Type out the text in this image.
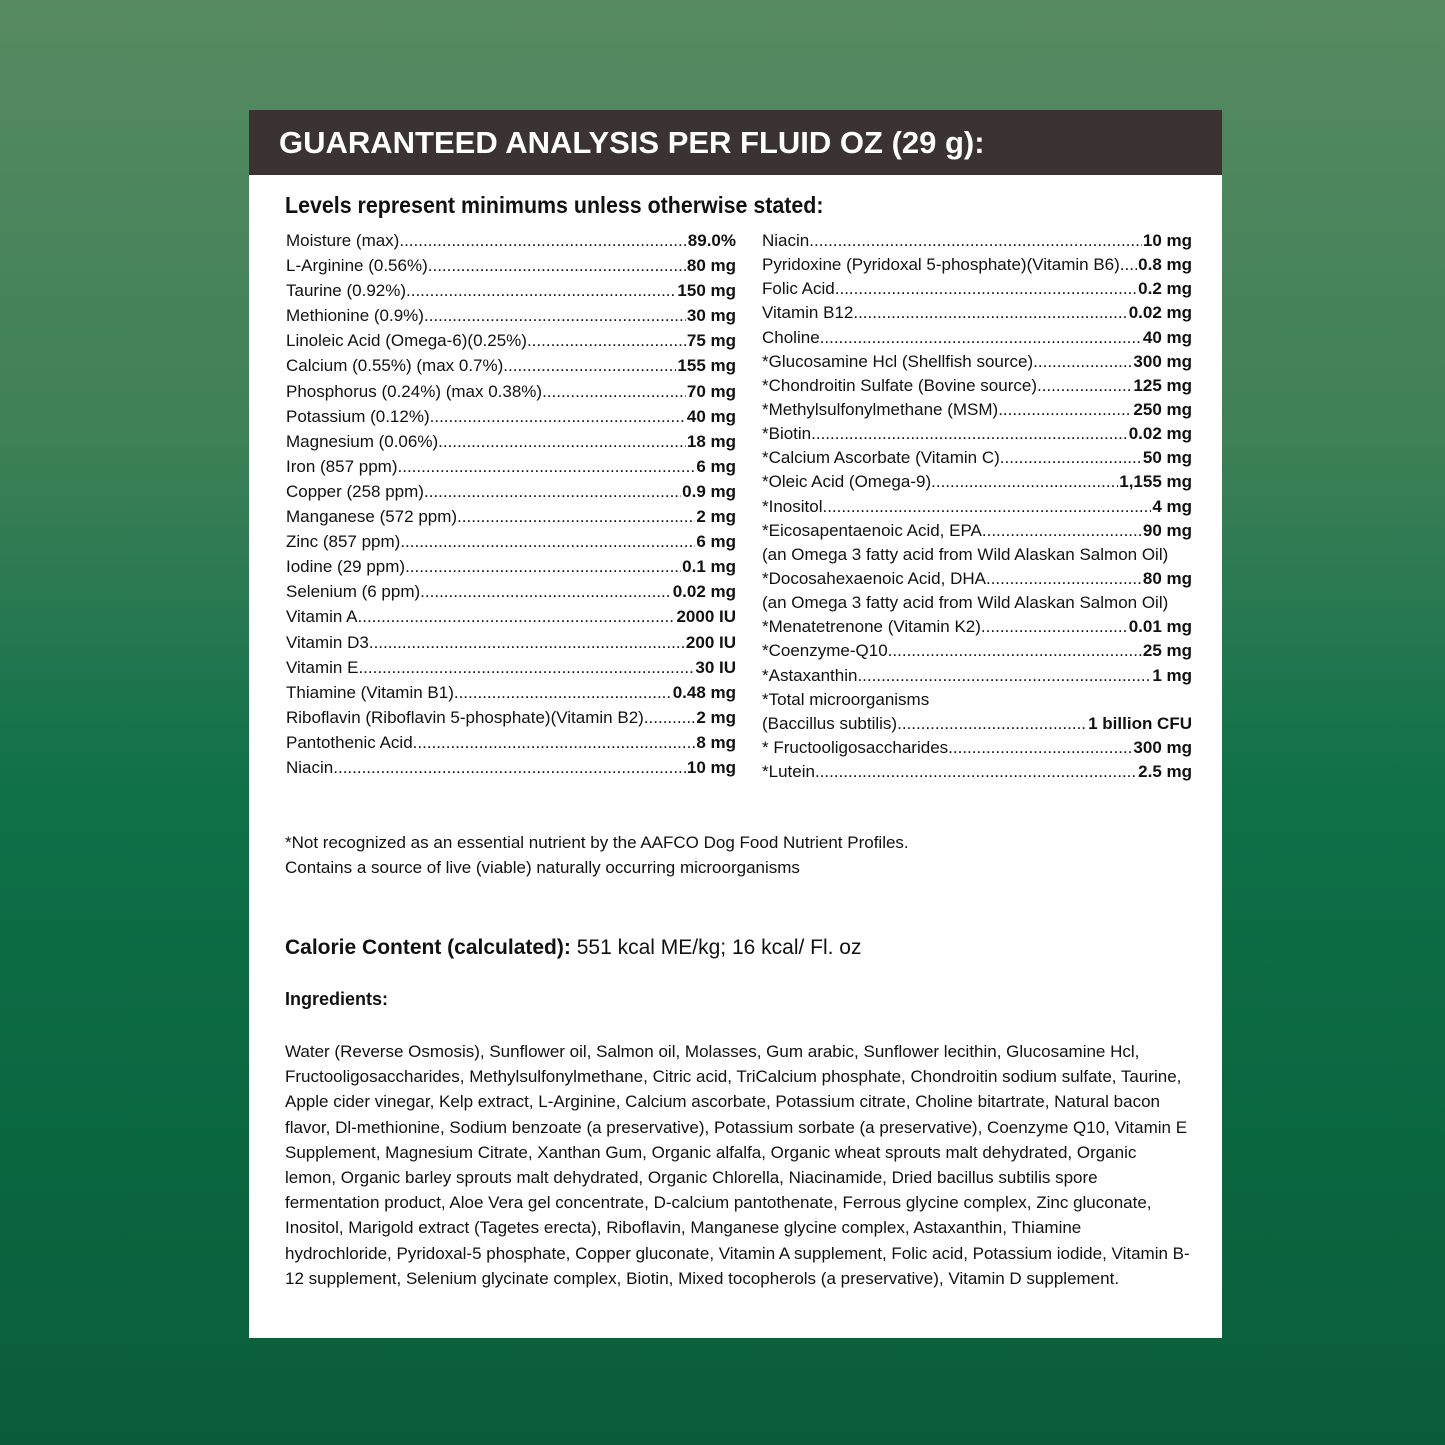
GUARANTEED ANALYSIS PER FLUID OZ (29 g):
Levels represent minimums unless otherwise stated:
Moisture (max) .....	89.0%
L-Arginine (0.56%) .....	80 mg
Taurine (0.92%) .....	150 mg
Methionine (0.9%) .....	30 mg
Linoleic Acid (Omega-6)(0.25%) .....	75 mg
Calcium (0.55%) (max 0.7%) .....	155 mg
Phosphorus (0.24%) (max 0.38%) .....	70 mg
Potassium (0.12%) .....	40 mg
Magnesium (0.06%) .....	18 mg
Iron (857 ppm) .....	6 mg
Copper (258 ppm) .....	0.9 mg
Manganese (572 ppm) .....	2 mg
Zinc (857 ppm) .....	6 mg
Iodine (29 ppm) .....	0.1 mg
Selenium (6 ppm) .....	0.02 mg
Vitamin A .....	2000 IU
Vitamin D3 .....	200 IU
Vitamin E .....	30 IU
Thiamine (Vitamin B1) .....	0.48 mg
Riboflavin (Riboflavin 5-phosphate)(Vitamin B2) .....	2 mg
Pantothenic Acid .....	8 mg
Niacin .....	10 mg
Niacin .....	10 mg
Pyridoxine (Pyridoxal 5-phosphate)(Vitamin B6) ..... 0.8 mg
Folic Acid .....	0.2 mg
Vitamin B12 .....	0.02 mg
Choline .....	40 mg
*Glucosamine Hcl (Shellfish source) .....	300 mg
*Chondroitin Sulfate (Bovine source) .....	125 mg
*Methylsulfonylmethane (MSM) .....	250 mg
*Biotin .....	0.02 mg
*Calcium Ascorbate (Vitamin C) .....	50 mg
*Oleic Acid (Omega-9) .....	1,155 mg
*Inositol .....	4 mg
*Eicosapentaenoic Acid, EPA .....	90 mg
(an Omega 3 fatty acid from Wild Alaskan Salmon Oil)
*Docosahexaenoic Acid, DHA .....	80 mg
(an Omega 3 fatty acid from Wild Alaskan Salmon Oil)
*Menatetrenone (Vitamin K2) .....	0.01 mg
*Coenzyme-Q10 .....	25 mg
*Astaxanthin .....	1 mg
*Total microorganisms
(Baccillus subtilis) .....	1 billion CFU
* Fructooligosaccharides .....	300 mg
*Lutein .....	2.5 mg
*Not recognized as an essential nutrient by the AAFCO Dog Food Nutrient Profiles.
Contains a source of live (viable) naturally occurring microorganisms
Calorie Content (calculated): 551 kcal ME/kg; 16 kcal/ Fl. oz
Ingredients:
Water (Reverse Osmosis), Sunflower oil, Salmon oil, Molasses, Gum arabic, Sunflower lecithin, Glucosamine Hcl, Fructooligosaccharides, Methylsulfonylmethane, Citric acid, TriCalcium phosphate, Chondroitin sodium sulfate, Taurine, Apple cider vinegar, Kelp extract, L-Arginine, Calcium ascorbate, Potassium citrate, Choline bitartrate, Natural bacon flavor, Dl-methionine, Sodium benzoate (a preservative), Potassium sorbate (a preservative), Coenzyme Q10, Vitamin E Supplement, Magnesium Citrate, Xanthan Gum, Organic alfalfa, Organic wheat sprouts malt dehydrated, Organic lemon, Organic barley sprouts malt dehydrated, Organic Chlorella, Niacinamide, Dried bacillus subtilis spore fermentation product, Aloe Vera gel concentrate, D-calcium pantothenate, Ferrous glycine complex, Zinc gluconate, Inositol, Marigold extract (Tagetes erecta), Riboflavin, Manganese glycine complex, Astaxanthin, Thiamine hydrochloride, Pyridoxal-5 phosphate, Copper gluconate, Vitamin A supplement, Folic acid, Potassium iodide, Vitamin B-12 supplement, Selenium glycinate complex, Biotin, Mixed tocopherols (a preservative), Vitamin D supplement.
